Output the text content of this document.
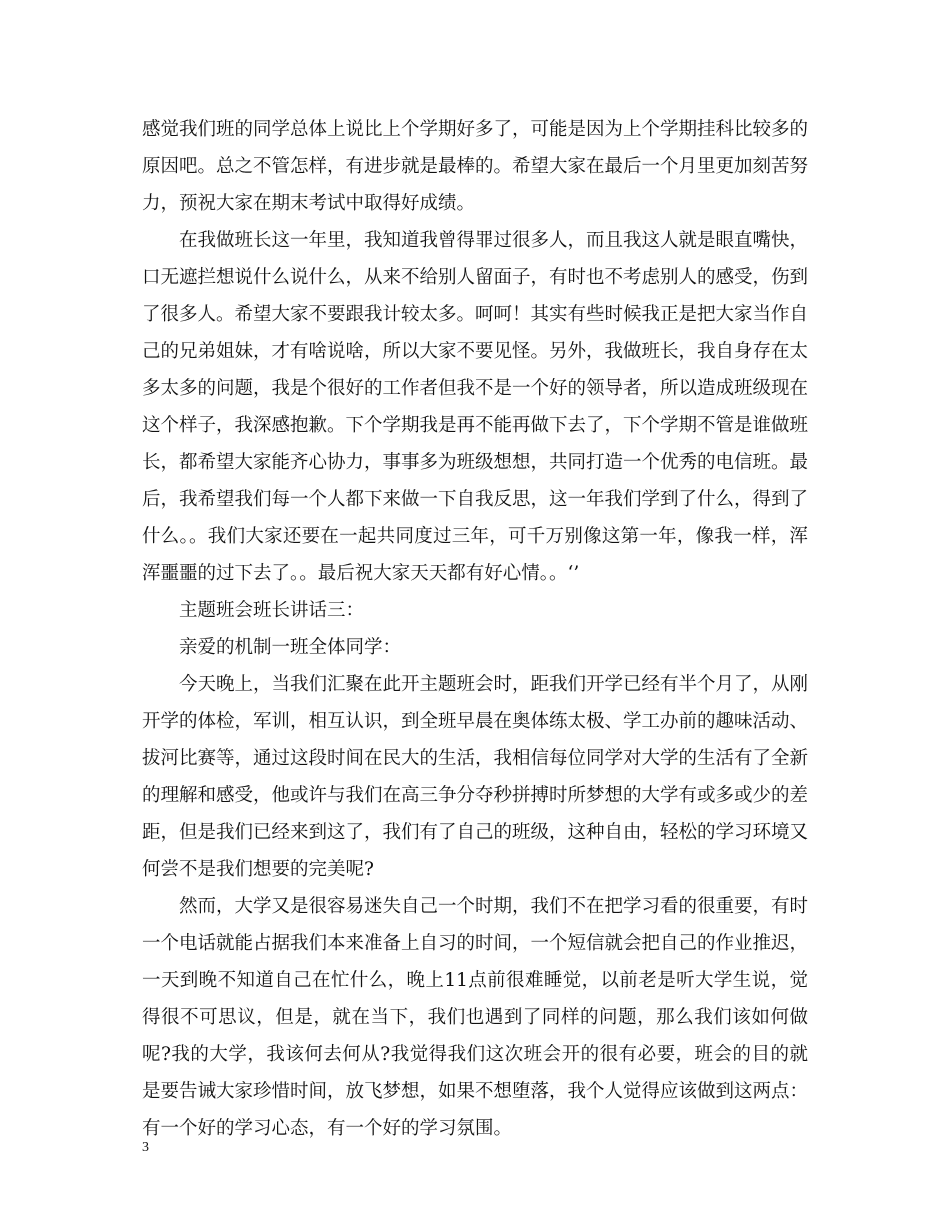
感觉我们班的同学总体上说比上个学期好多了，可能是因为上个学期挂科比较多的原因吧。总之不管怎样，有进步就是最棒的。希望大家在最后一个月里更加刻苦努力，预祝大家在期末考试中取得好成绩。

在我做班长这一年里，我知道我曾得罪过很多人，而且我这人就是眼直嘴快，口无遮拦想说什么说什么，从来不给别人留面子，有时也不考虑别人的感受，伤到了很多人。希望大家不要跟我计较太多。呵呵！其实有些时候我正是把大家当作自己的兄弟姐妹，才有啥说啥，所以大家不要见怪。另外，我做班长，我自身存在太多太多的问题，我是个很好的工作者但我不是一个好的领导者，所以造成班级现在这个样子，我深感抱歉。下个学期我是再不能再做下去了，下个学期不管是谁做班长，都希望大家能齐心协力，事事多为班级想想，共同打造一个优秀的电信班。最后，我希望我们每一个人都下来做一下自我反思，这一年我们学到了什么，得到了什么。。我们大家还要在一起共同度过三年，可千万别像这第一年，像我一样，浑浑噩噩的过下去了。。最后祝大家天天都有好心情。。‘’

主题班会班长讲话三：

亲爱的机制一班全体同学：

今天晚上，当我们汇聚在此开主题班会时，距我们开学已经有半个月了，从刚开学的体检，军训，相互认识，到全班早晨在奥体练太极、学工办前的趣味活动、拔河比赛等，通过这段时间在民大的生活，我相信每位同学对大学的生活有了全新的理解和感受，他或许与我们在高三争分夺秒拼搏时所梦想的大学有或多或少的差距，但是我们已经来到这了，我们有了自己的班级，这种自由，轻松的学习环境又何尝不是我们想要的完美呢?

然而，大学又是很容易迷失自己一个时期，我们不在把学习看的很重要，有时一个电话就能占据我们本来准备上自习的时间，一个短信就会把自己的作业推迟，一天到晚不知道自己在忙什么，晚上11点前很难睡觉，以前老是听大学生说，觉得很不可思议，但是，就在当下，我们也遇到了同样的问题，那么我们该如何做呢?我的大学，我该何去何从?我觉得我们这次班会开的很有必要，班会的目的就是要告诫大家珍惜时间，放飞梦想，如果不想堕落，我个人觉得应该做到这两点：有一个好的学习心态，有一个好的学习氛围。

3
